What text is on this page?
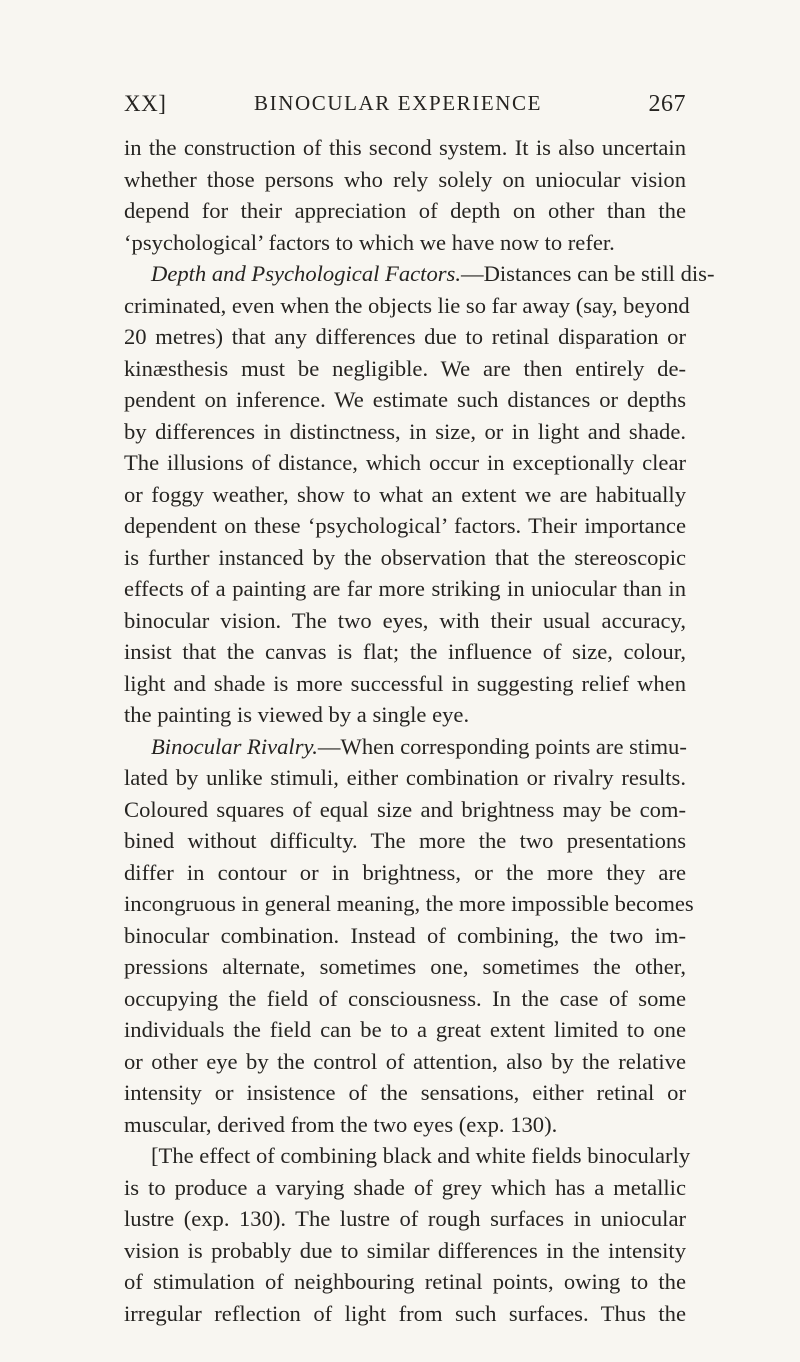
XX]	BINOCULAR EXPERIENCE	267
in the construction of this second system. It is also uncertain
whether those persons who rely solely on uniocular vision
depend for their appreciation of depth on other than the
‘psychological’ factors to which we have now to refer.
Depth and Psychological Factors.—Distances can be still dis-
criminated, even when the objects lie so far away (say, beyond
20 metres) that any differences due to retinal disparation or
kinæsthesis must be negligible. We are then entirely de-
pendent on inference. We estimate such distances or depths
by differences in distinctness, in size, or in light and shade.
The illusions of distance, which occur in exceptionally clear
or foggy weather, show to what an extent we are habitually
dependent on these ‘psychological’ factors. Their importance
is further instanced by the observation that the stereoscopic
effects of a painting are far more striking in uniocular than in
binocular vision. The two eyes, with their usual accuracy,
insist that the canvas is flat; the influence of size, colour,
light and shade is more successful in suggesting relief when
the painting is viewed by a single eye.
Binocular Rivalry.—When corresponding points are stimu-
lated by unlike stimuli, either combination or rivalry results.
Coloured squares of equal size and brightness may be com-
bined without difficulty. The more the two presentations
differ in contour or in brightness, or the more they are
incongruous in general meaning, the more impossible becomes
binocular combination. Instead of combining, the two im-
pressions alternate, sometimes one, sometimes the other,
occupying the field of consciousness. In the case of some
individuals the field can be to a great extent limited to one
or other eye by the control of attention, also by the relative
intensity or insistence of the sensations, either retinal or
muscular, derived from the two eyes (exp. 130).
[The effect of combining black and white fields binocularly
is to produce a varying shade of grey which has a metallic
lustre (exp. 130). The lustre of rough surfaces in uniocular
vision is probably due to similar differences in the intensity
of stimulation of neighbouring retinal points, owing to the
irregular reflection of light from such surfaces. Thus the
